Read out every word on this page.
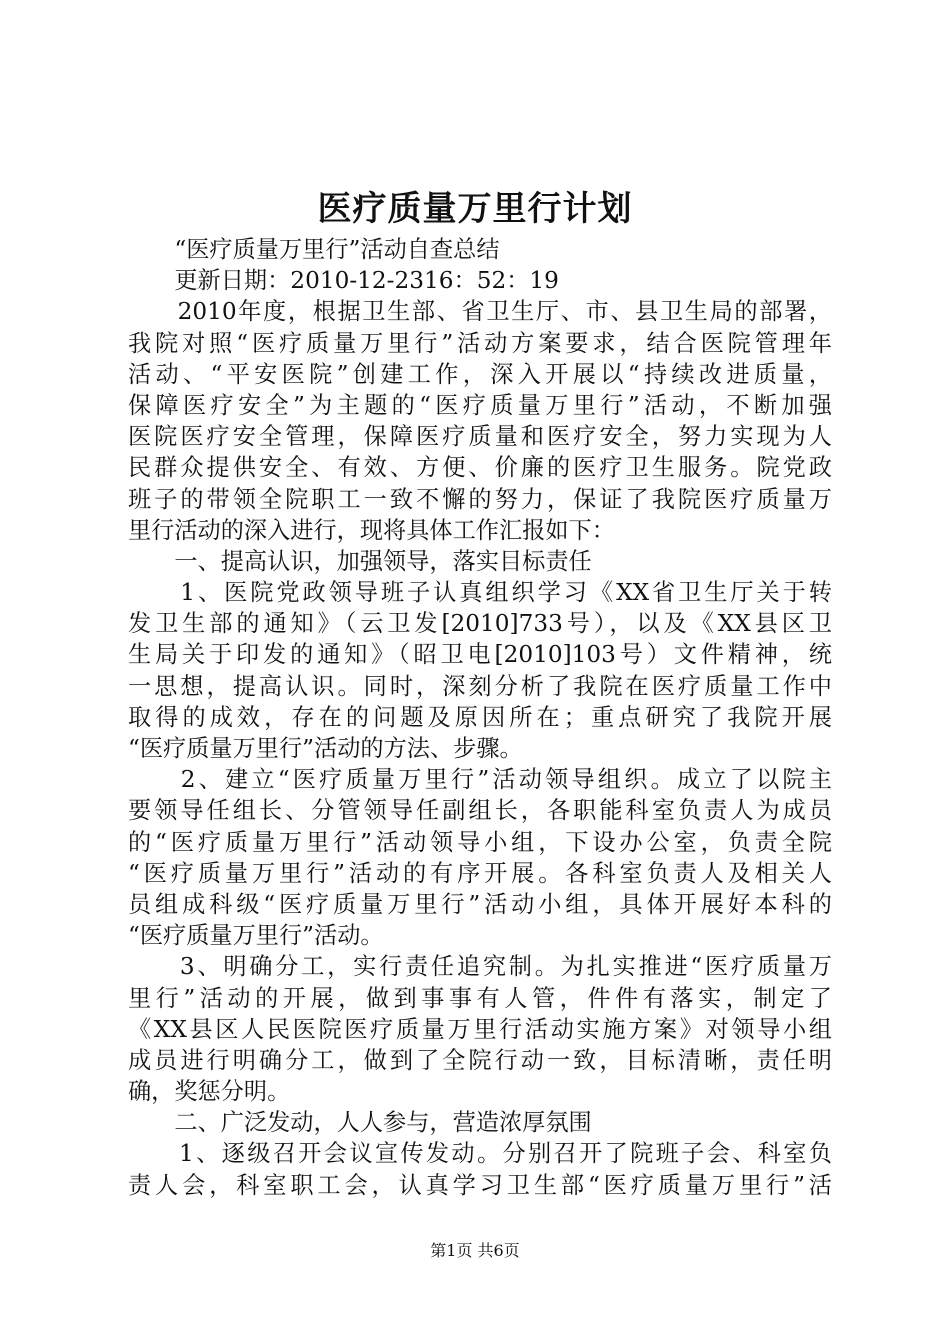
医疗质量万里行计划
　　“医疗质量万里行”活动自查总结
　　更新日期：2010-12-2316：52：19
　　2010年度，根据卫生部、省卫生厅、市、县卫生局的部署，
我院对照“医疗质量万里行”活动方案要求，结合医院管理年
活动、“平安医院”创建工作，深入开展以“持续改进质量，
保障医疗安全”为主题的“医疗质量万里行”活动，不断加强
医院医疗安全管理，保障医疗质量和医疗安全，努力实现为人
民群众提供安全、有效、方便、价廉的医疗卫生服务。院党政
班子的带领全院职工一致不懈的努力，保证了我院医疗质量万
里行活动的深入进行，现将具体工作汇报如下：
　　一、提高认识，加强领导，落实目标责任
　　1、医院党政领导班子认真组织学习《XX省卫生厅关于转
发卫生部的通知》（云卫发[2010]733号），以及《XX县区卫
生局关于印发的通知》（昭卫电[2010]103号）文件精神，统
一思想，提高认识。同时，深刻分析了我院在医疗质量工作中
取得的成效，存在的问题及原因所在；重点研究了我院开展
“医疗质量万里行”活动的方法、步骤。
　　2、建立“医疗质量万里行”活动领导组织。成立了以院主
要领导任组长、分管领导任副组长，各职能科室负责人为成员
的“医疗质量万里行”活动领导小组，下设办公室，负责全院
“医疗质量万里行”活动的有序开展。各科室负责人及相关人
员组成科级“医疗质量万里行”活动小组，具体开展好本科的
“医疗质量万里行”活动。
　　3、明确分工，实行责任追究制。为扎实推进“医疗质量万
里行”活动的开展，做到事事有人管，件件有落实，制定了
《XX县区人民医院医疗质量万里行活动实施方案》对领导小组
成员进行明确分工，做到了全院行动一致，目标清晰，责任明
确，奖惩分明。
　　二、广泛发动，人人参与，营造浓厚氛围
　　1、逐级召开会议宣传发动。分别召开了院班子会、科室负
责人会，科室职工会，认真学习卫生部“医疗质量万里行”活
第1页 共6页
